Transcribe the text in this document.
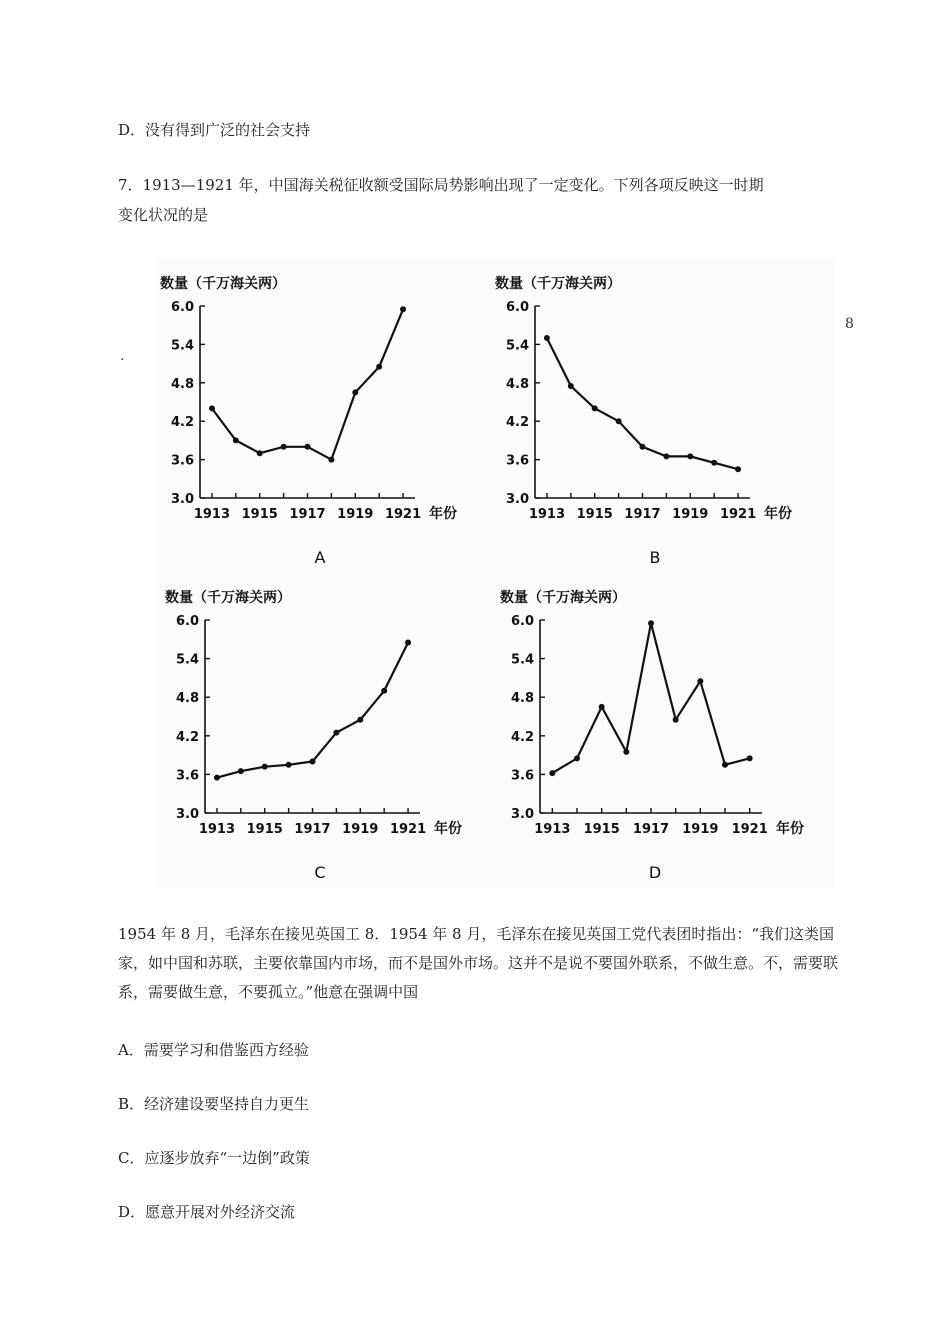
D．没有得到广泛的社会支持
7．1913—1921 年，中国海关税征收额受国际局势影响出现了一定变化。下列各项反映这一时期
变化状况的是
8
.
数量（千万海关两）
3.0
3.6
4.2
4.8
5.4
6.0
1913 1915 1917 1919 1921 年份
A
数量（千万海关两）
3.0
3.6
4.2
4.8
5.4
6.0
1913 1915 1917 1919 1921 年份
B
数量（千万海关两）
3.0
3.6
4.2
4.8
5.4
6.0
1913 1915 1917 1919 1921 年份
C
数量（千万海关两）
3.0
3.6
4.2
4.8
5.4
6.0
1913 1915 1917 1919 1921 年份
D
1954 年 8 月，毛泽东在接见英国工 8．1954 年 8 月，毛泽东在接见英国工党代表团时指出：“我们这类国家，如中国和苏联，主要依靠国内市场，而不是国外市场。这并不是说不要国外联系，不做生意。不，需要联系，需要做生意，不要孤立。”他意在强调中国
A．需要学习和借鉴西方经验
B．经济建设要坚持自力更生
C．应逐步放弃“一边倒”政策
D．愿意开展对外经济交流
